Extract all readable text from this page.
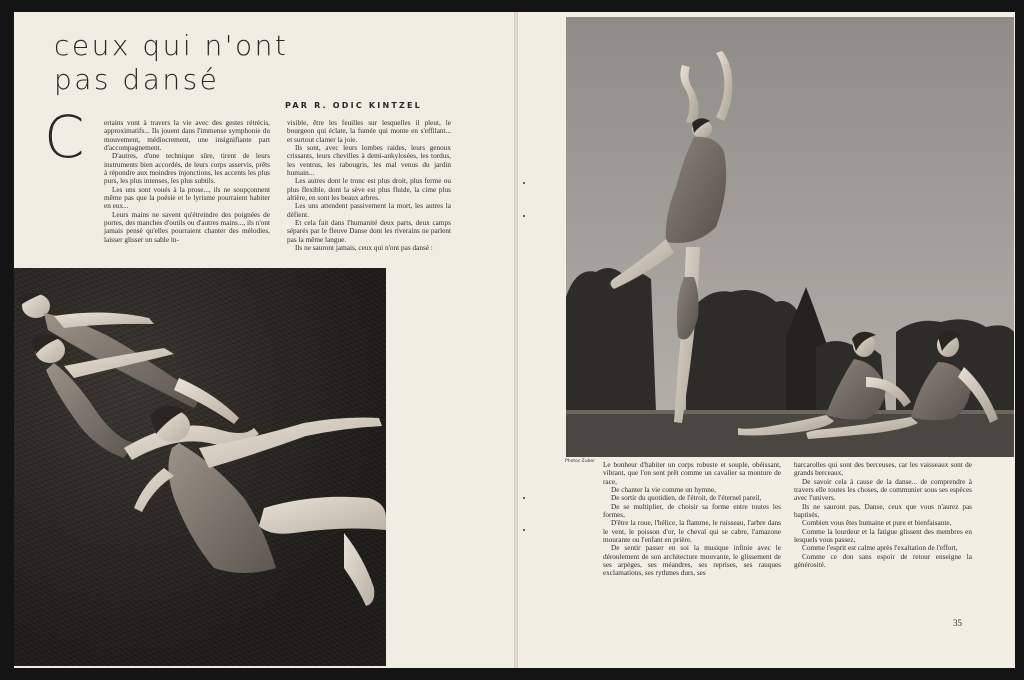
ceux qui n'ont
pas dansé
PAR R. ODIC KINTZEL
C	ertains vont à travers la vie avec des gestes rétrécis, approximatifs... Ils jouent dans l'immense symphonie du mouvement, médiocrement, une insignifiante part d'accompagnement.

D'autres, d'une technique sûre, tirent de leurs instruments bien accordés, de leurs corps asservis, prêts à répondre aux moindres injonctions, les accents les plus purs, les plus intenses, les plus subtils.

Les uns sont voués à la prose..., ils ne soupçonnent même pas que la poésie et le lyrisme pourraient habiter en eux...

Leurs mains ne savent qu'étreindre des poignées de portes, des manches d'outils ou d'autres mains..., ils n'ont jamais pensé qu'elles pourraient chanter des mélodies, laisser glisser un sable in-

visible, être les feuilles sur lesquelles il pleut, le bourgeon qui éclate, la fumée qui monte en s'effilant... et surtout clamer la joie.

Ils sont, avec leurs lombes raides, leurs genoux crissants, leurs chevilles à demi-ankylosées, les tordus, les ventrus, les rabougris, les mal venus du jardin humain...

Les autres dont le tronc est plus droit, plus ferme ou plus flexible, dont la sève est plus fluide, la cime plus altière, en sont les beaux arbres.

Les uns attendent passivement la mort, les autres la défient.

Et cela fait dans l'humanité deux parts, deux camps séparés par le fleuve Danse dont les riverains ne parlent pas la même langue.

Ils ne sauront jamais, ceux qui n'ont pas dansé :

Photos Zuber Le bonheur d'habiter un corps robuste et souple, obéissant, vibrant, que l'on sent prêt comme un cavalier sa monture de race,

De chanter la vie comme un hymne,

De sortir du quotidien, de l'étroit, de l'éternel pareil,

De se multiplier, de choisir sa forme entre toutes les formes,

D'être la roue, l'hélice, la flamme, le ruisseau, l'arbre dans le vent, le poisson d'or, le cheval qui se cabre, l'amazone mourante ou l'enfant en prière.

De sentir passer en soi la musique infinie avec le déroulement de son architecture mouvante, le glissement de ses arpèges, ses méandres, ses reprises, ses rauques exclamations, ses rythmes durs, ses

barcarolles qui sont des berceuses, car les vaisseaux sont de grands berceaux,

De savoir cela à cause de la danse... de comprendre à travers elle toutes les choses, de communier sous ses espèces avec l'univers.

Ils ne sauront pas, Danse, ceux que vous n'aurez pas baptisés,

Combien vous êtes humaine et pure et bienfaisante,

Comme la lourdeur et la fatigue glissent des membres en lesquels vous passez,

Comme l'esprit est calme après l'exaltation de l'effort,

Comme ce don sans espoir de retour enseigne la générosité.

35
